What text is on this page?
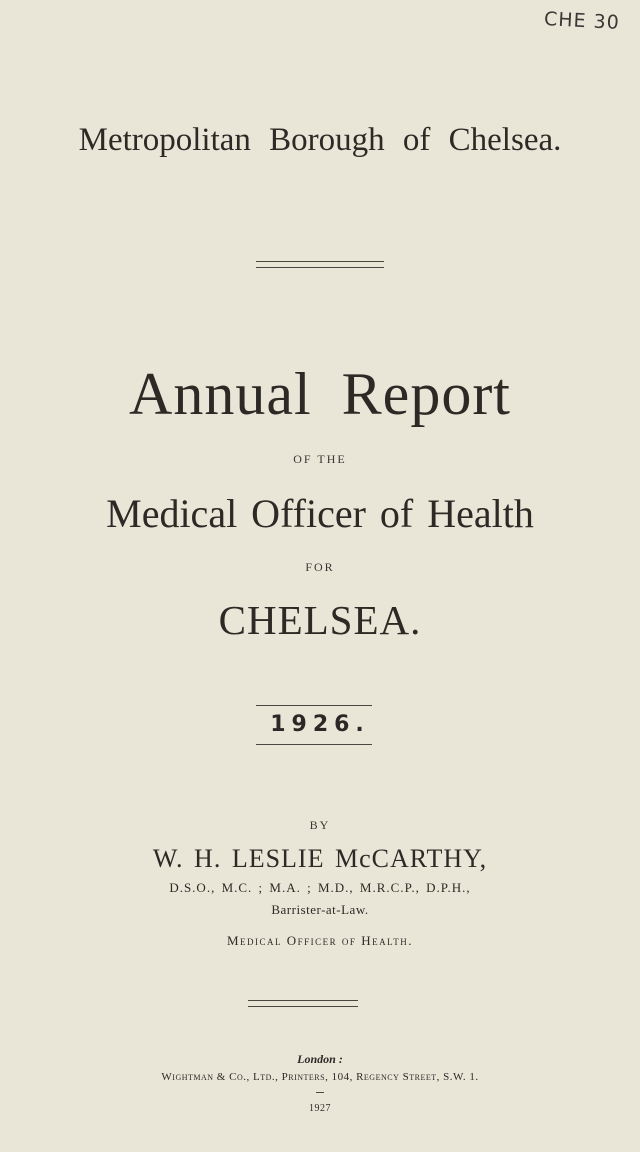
CHE 30
Metropolitan Borough of Chelsea.
Annual Report
OF THE
Medical Officer of Health
FOR
CHELSEA.
1926.
BY
W. H. LESLIE McCARTHY,
D.S.O., M.C. ; M.A. ; M.D., M.R.C.P., D.P.H.,
Barrister-at-Law.
Medical Officer of Health.
London :
Wightman & Co., Ltd., Printers, 104, Regency Street, S.W. 1.
1927
